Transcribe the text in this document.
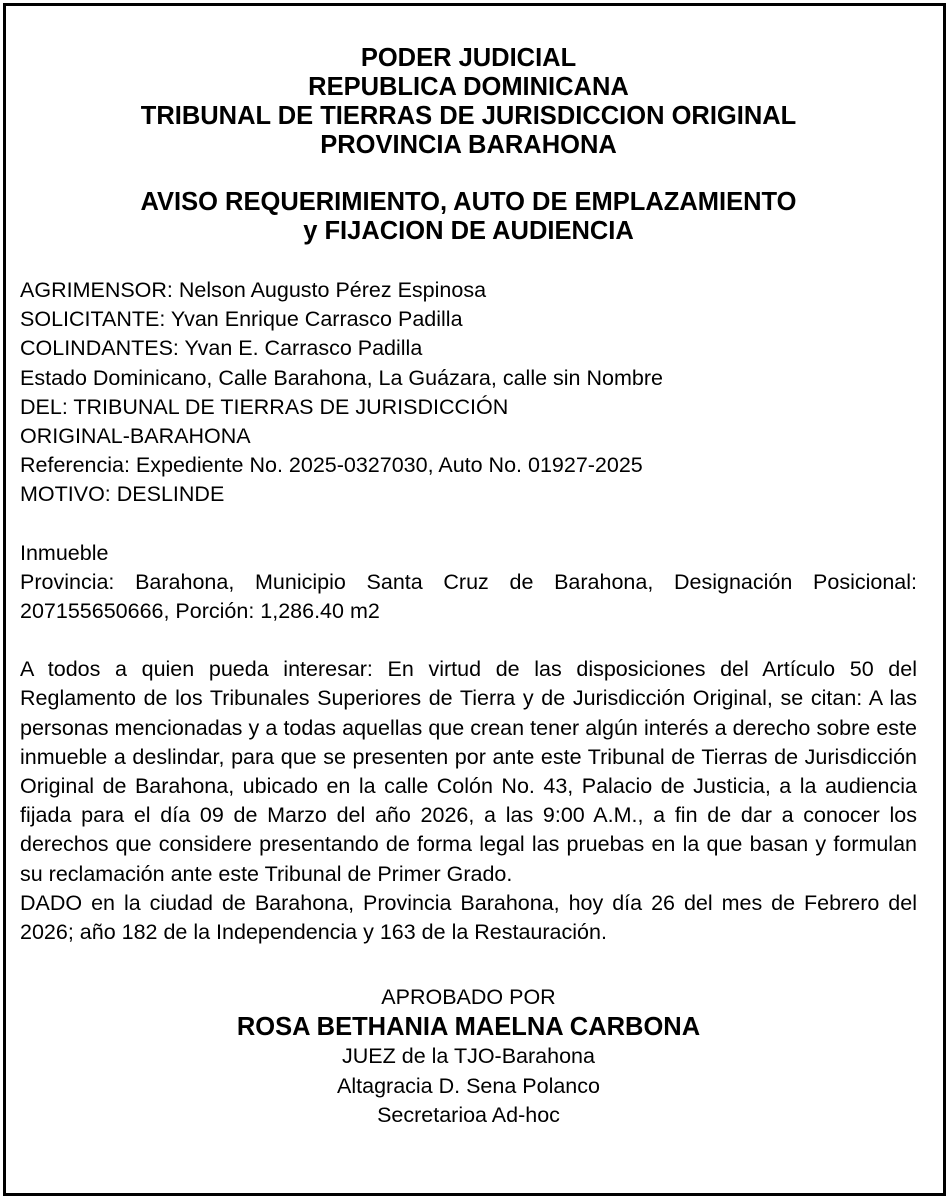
PODER JUDICIAL
REPUBLICA DOMINICANA
TRIBUNAL DE TIERRAS DE JURISDICCION ORIGINAL
PROVINCIA BARAHONA
AVISO REQUERIMIENTO, AUTO DE EMPLAZAMIENTO
y FIJACION DE AUDIENCIA
AGRIMENSOR: Nelson Augusto Pérez Espinosa
SOLICITANTE: Yvan Enrique Carrasco Padilla
COLINDANTES: Yvan E. Carrasco Padilla
Estado Dominicano, Calle Barahona, La Guázara, calle sin Nombre
DEL: TRIBUNAL DE TIERRAS DE JURISDICCIÓN
ORIGINAL-BARAHONA
Referencia: Expediente No. 2025-0327030, Auto No. 01927-2025
MOTIVO: DESLINDE
Inmueble
Provincia: Barahona, Municipio Santa Cruz de Barahona, Designación Posicional: 207155650666, Porción: 1,286.40 m2

A todos a quien pueda interesar: En virtud de las disposiciones del Artículo 50 del Reglamento de los Tribunales Superiores de Tierra y de Jurisdicción Original, se citan: A las personas mencionadas y a todas aquellas que crean tener algún interés a derecho sobre este inmueble a deslindar, para que se presenten por ante este Tribunal de Tierras de Jurisdicción Original de Barahona, ubicado en la calle Colón No. 43, Palacio de Justicia, a la audiencia fijada para el día 09 de Marzo del año 2026, a las 9:00 A.M., a fin de dar a conocer los derechos que considere presentando de forma legal las pruebas en la que basan y formulan su reclamación ante este Tribunal de Primer Grado.

DADO en la ciudad de Barahona, Provincia Barahona, hoy día 26 del mes de Febrero del 2026; año 182 de la Independencia y 163 de la Restauración.

APROBADO POR
ROSA BETHANIA MAELNA CARBONA
JUEZ de la TJO-Barahona
Altagracia D. Sena Polanco
Secretarioa Ad-hoc
